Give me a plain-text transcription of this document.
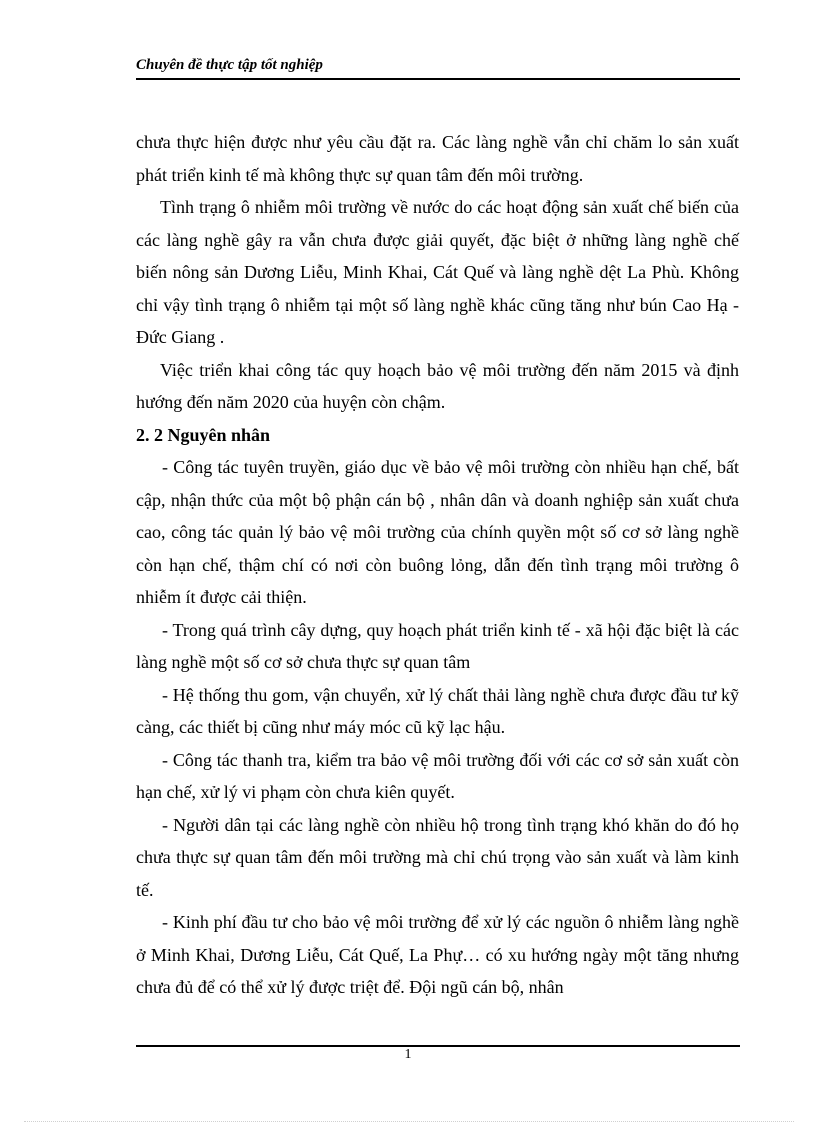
Chuyên đề thực tập tốt nghiệp

chưa thực hiện được như yêu cầu đặt ra. Các làng nghề vẫn chỉ chăm lo sản xuất phát triển kinh tế mà không thực sự quan tâm đến môi trường.

Tình trạng ô nhiễm môi trường về nước do các hoạt động sản xuất chế biến của các làng nghề gây ra vẫn chưa được giải quyết, đặc biệt ở những làng nghề chế biến nông sản Dương Liễu, Minh Khai, Cát Quế và làng nghề dệt La Phù. Không chỉ vậy tình trạng ô nhiễm tại một số làng nghề khác cũng tăng như bún Cao Hạ - Đức Giang .

Việc triển khai công tác quy hoạch bảo vệ môi trường đến năm 2015 và định hướng đến năm 2020 của huyện còn chậm.

2. 2 Nguyên nhân

- Công tác tuyên truyền, giáo dục về bảo vệ môi trường còn nhiều hạn chế, bất cập, nhận thức của một bộ phận cán bộ , nhân dân và doanh nghiệp sản xuất chưa cao, công tác quản lý bảo vệ môi trường của chính quyền một số cơ sở làng nghề còn hạn chế, thậm chí có nơi còn buông lỏng, dẫn đến tình trạng môi trường ô nhiễm ít được cải thiện.

- Trong quá trình cây dựng, quy hoạch phát triển kinh tế - xã hội đặc biệt là các làng nghề một số cơ sở chưa thực sự quan tâm

- Hệ thống thu gom, vận chuyển, xử lý chất thải làng nghề chưa được đầu tư kỹ càng, các thiết bị cũng như máy móc cũ kỹ lạc hậu.

- Công tác thanh tra, kiểm tra bảo vệ môi trường đối với các cơ sở sản xuất còn hạn chế, xử lý vi phạm còn chưa kiên quyết.

- Người dân tại các làng nghề còn nhiều hộ trong tình trạng khó khăn do đó họ chưa thực sự quan tâm đến môi trường mà chỉ chú trọng vào sản xuất và làm kinh tế.

- Kinh phí đầu tư cho bảo vệ môi trường để xử lý các nguồn ô nhiễm làng nghề ở Minh Khai, Dương Liễu, Cát Quế, La Phự… có xu hướng ngày một tăng nhưng chưa đủ để có thể xử lý được triệt để. Đội ngũ cán bộ, nhân

1
